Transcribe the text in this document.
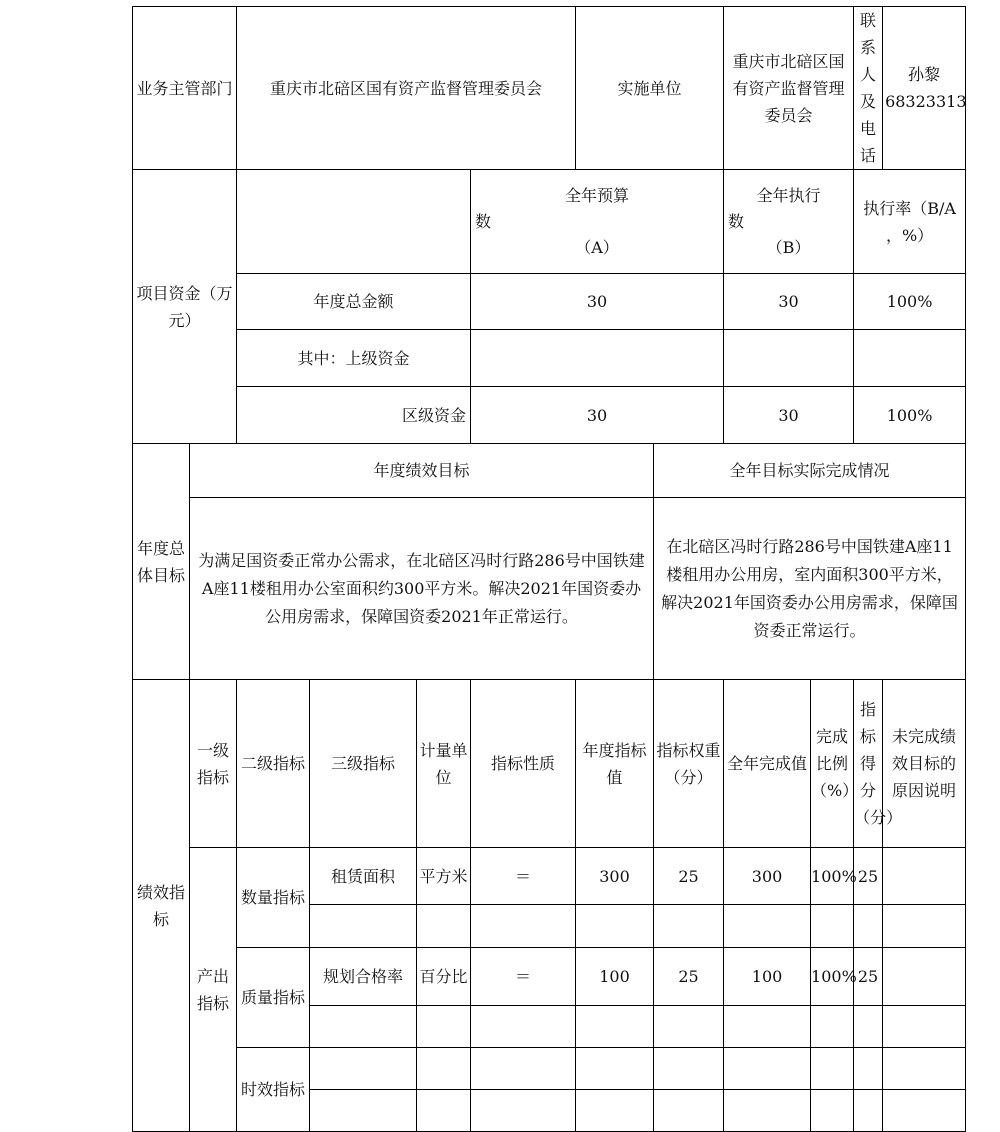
业务主管部门		重庆市北碚区国有资产监督管理委员会				实施单位		重庆市北碚区国有资产监督管理委员会		联系人及电话	孙黎 68323313
项目资金（万元）					全年预算
数
（A）			全年执行
数
（B）		执行率（B/A ，%）	
		年度总金额			30			30		100%	
		其中：上级资金									
		区级资金			30			30		100%	
年度总体目标	年度绩效目标						全年目标实际完成情况				
	为满足国资委正常办公需求，在北碚区冯时行路286号中国铁建A座11楼租用办公室面积约300平方米。解决2021年国资委办公用房需求，保障国资委2021年正常运行。						在北碚区冯时行路286号中国铁建A座11楼租用办公用房，室内面积300平方米，解决2021年国资委办公用房需求，保障国资委正常运行。				
绩效指标	一级指标	二级指标	三级指标	计量单位	指标性质	年度指标值	指标权重（分）	全年完成值	完成比例（%）	指标得分（分）	未完成绩效目标的原因说明
	产出指标	数量指标	租赁面积	平方米	＝	300	25	300	100%	25	

		质量指标	规划合格率	百分比	＝	100	25	100	100%	25	

		时效指标									
